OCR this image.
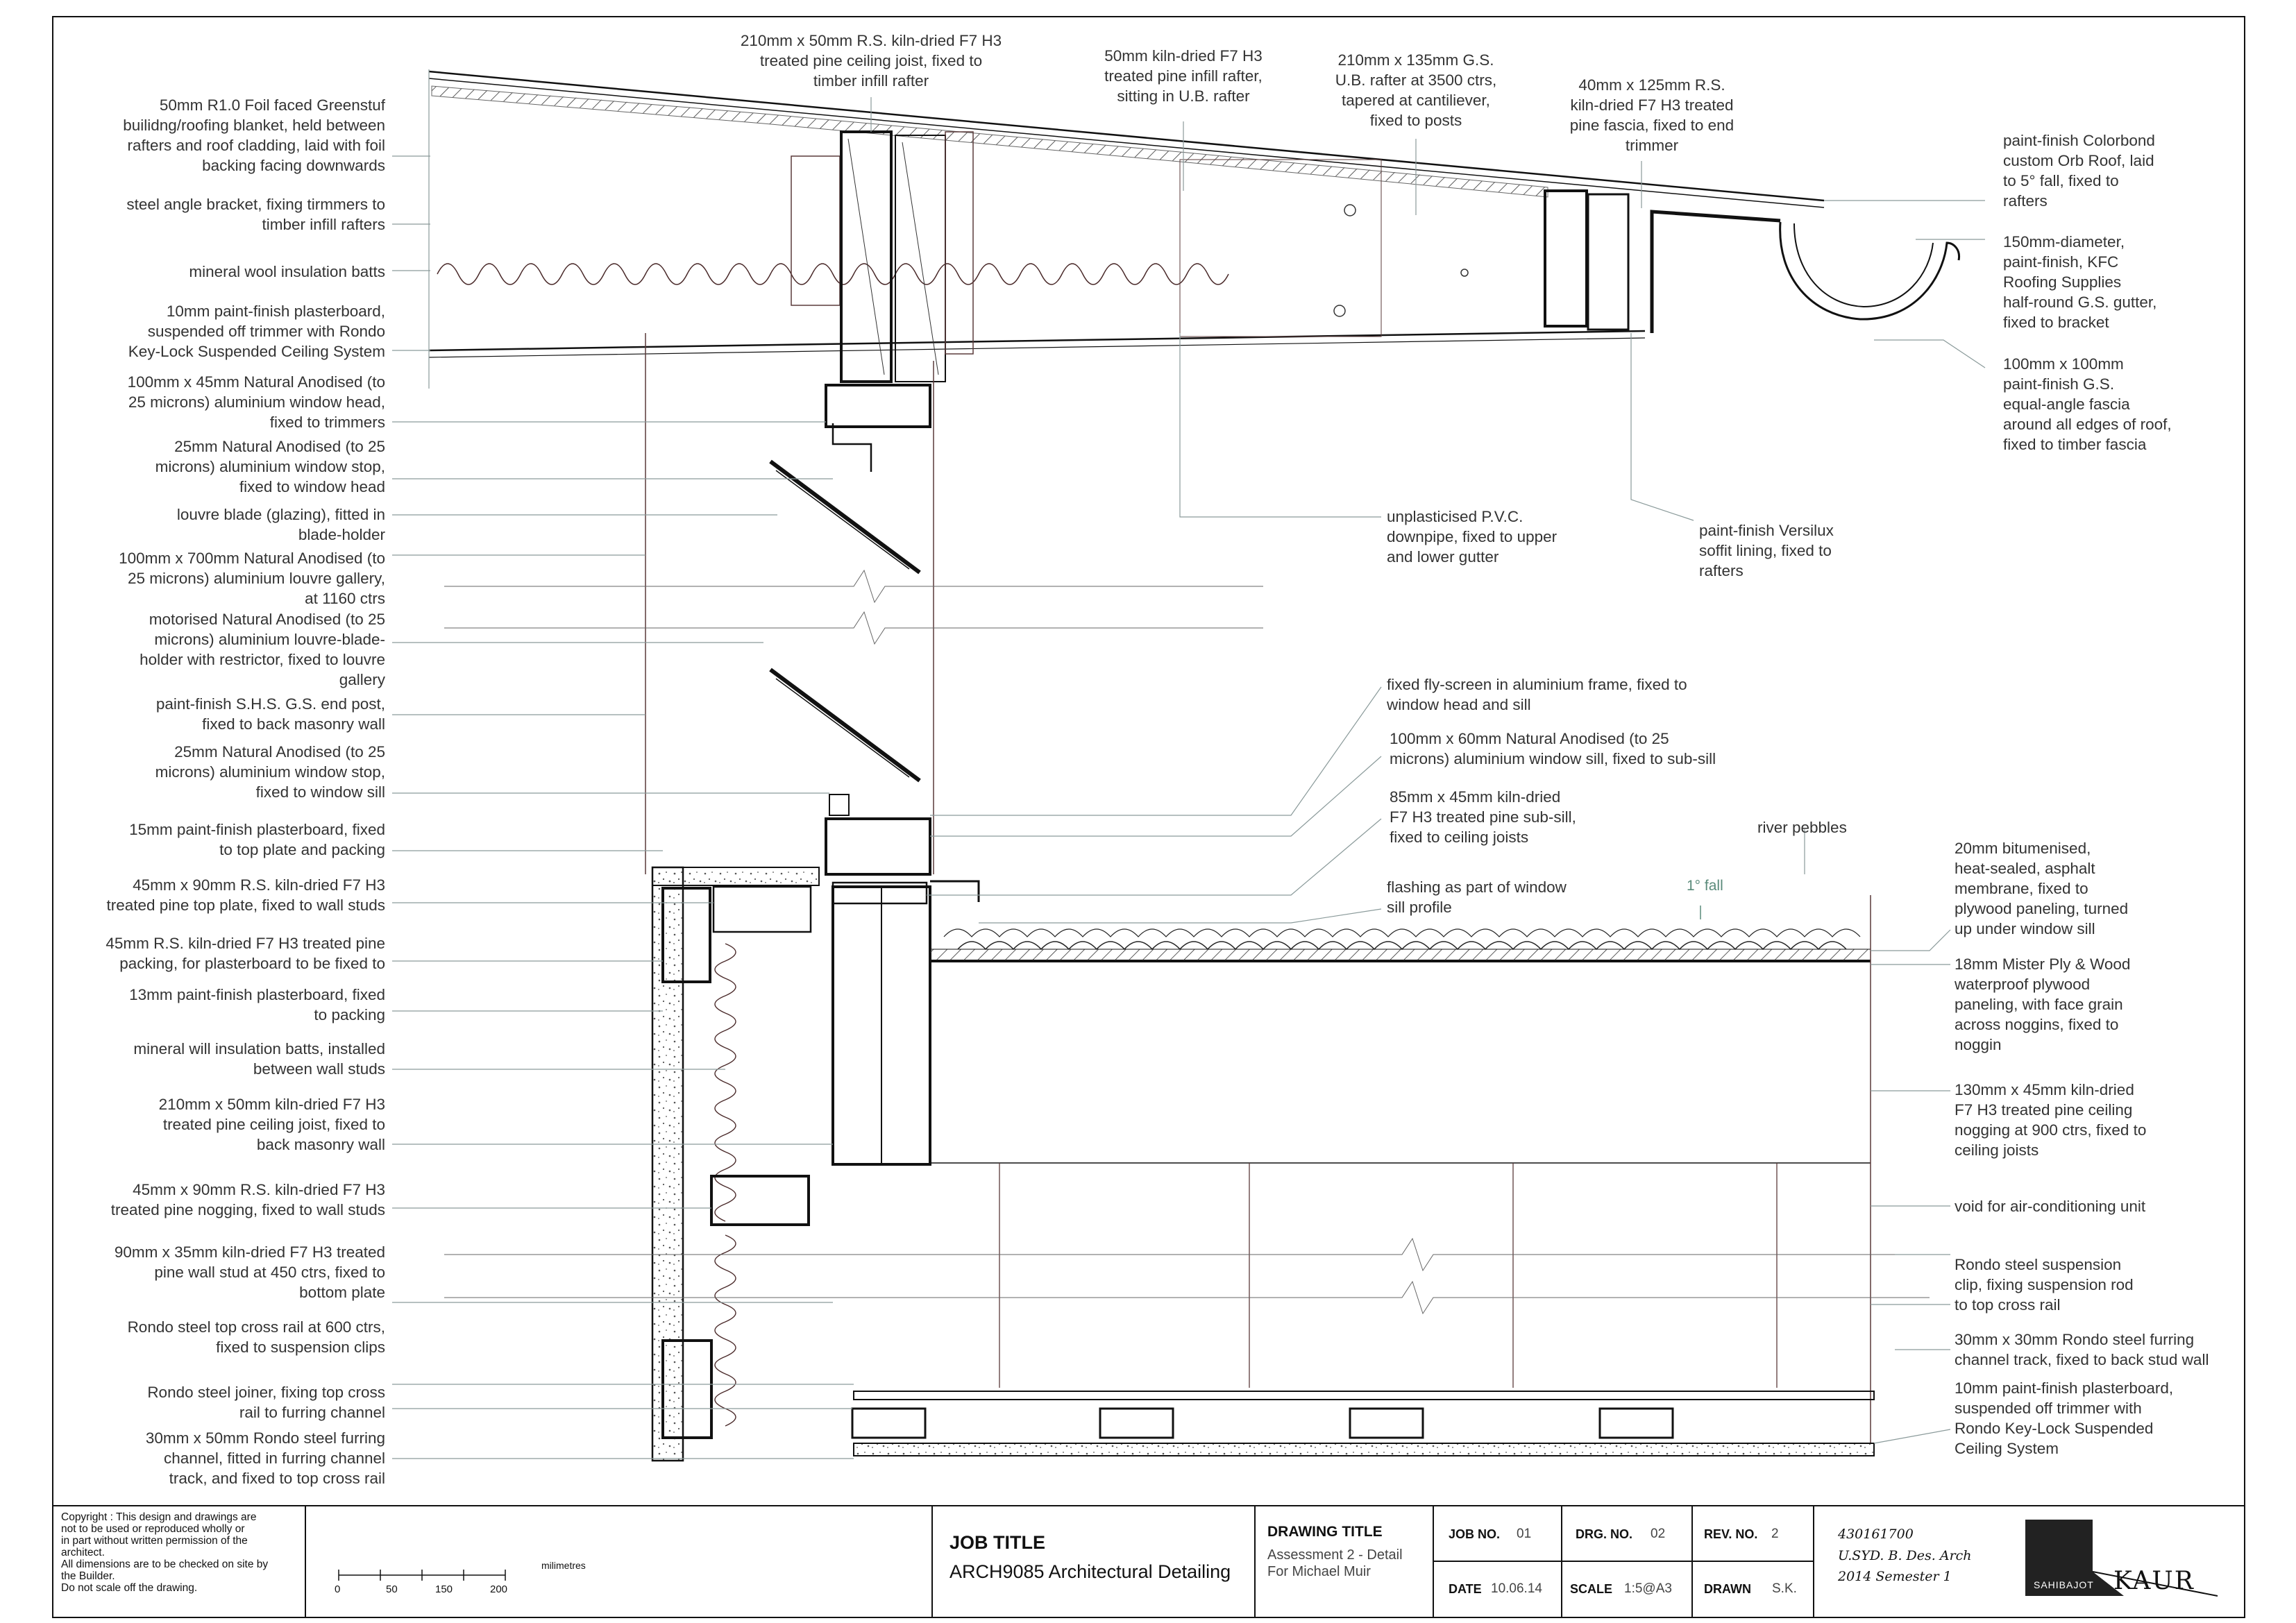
1° fall
50mm R1.0 Foil faced Greenstuf
builidng/roofing blanket, held between
rafters and roof cladding, laid with foil
backing facing downwards
steel angle bracket, fixing tirmmers to
timber infill rafters
mineral wool insulation batts
10mm paint-finish plasterboard,
suspended off trimmer with Rondo
Key-Lock Suspended Ceiling System
100mm x 45mm Natural Anodised (to
25 microns) aluminium window head,
fixed to trimmers
25mm Natural Anodised (to 25
microns) aluminium window stop,
fixed to window head
louvre blade (glazing), fitted in
blade-holder
100mm x 700mm Natural Anodised (to
25 microns) aluminium louvre gallery,
at 1160 ctrs
motorised Natural Anodised (to 25
microns) aluminium louvre-blade-
holder with restrictor, fixed to louvre
gallery
paint-finish S.H.S. G.S. end post,
fixed to back masonry wall
25mm Natural Anodised (to 25
microns) aluminium window stop,
fixed to window sill
15mm paint-finish plasterboard, fixed
to top plate and packing
45mm x 90mm R.S. kiln-dried F7 H3
treated pine top plate, fixed to wall studs
45mm R.S. kiln-dried F7 H3 treated pine
packing, for plasterboard to be fixed to
13mm paint-finish plasterboard, fixed
to packing
mineral will insulation batts, installed
between wall studs
210mm x 50mm kiln-dried F7 H3
treated pine ceiling joist, fixed to
back masonry wall
45mm x 90mm R.S. kiln-dried F7 H3
treated pine nogging, fixed to wall studs
90mm x 35mm kiln-dried F7 H3 treated
pine wall stud at 450 ctrs, fixed to
bottom plate
Rondo steel top cross rail at 600 ctrs,
fixed to suspension clips
Rondo steel joiner, fixing top cross
rail to furring channel
30mm x 50mm Rondo steel furring
channel, fitted in furring channel
track, and fixed to top cross rail
210mm x 50mm R.S. kiln-dried F7 H3
treated pine ceiling joist, fixed to
timber infill rafter
50mm kiln-dried F7 H3
treated pine infill rafter,
sitting in U.B. rafter
210mm x 135mm G.S.
U.B. rafter at 3500 ctrs,
tapered at cantiliever,
fixed to posts
40mm x 125mm R.S.
kiln-dried F7 H3 treated
pine fascia, fixed to end
trimmer
unplasticised P.V.C.
downpipe, fixed to upper
and lower gutter
paint-finish Versilux
soffit lining, fixed to
rafters
fixed fly-screen in aluminium frame, fixed to
window head and sill
100mm x 60mm Natural Anodised (to 25
microns) aluminium window sill, fixed to sub-sill
85mm x 45mm kiln-dried
F7 H3 treated pine sub-sill,
fixed to ceiling joists
flashing as part of window
sill profile
river pebbles
paint-finish Colorbond
custom Orb Roof, laid
to 5° fall, fixed to
rafters
150mm-diameter,
paint-finish, KFC
Roofing Supplies
half-round G.S. gutter,
fixed to bracket
100mm x 100mm
paint-finish G.S.
equal-angle fascia
around all edges of roof,
fixed to timber fascia
20mm bitumenised,
heat-sealed, asphalt
membrane, fixed to
plywood paneling, turned
up under window sill
18mm Mister Ply & Wood
waterproof plywood
paneling, with face grain
across noggins, fixed to
noggin
130mm x 45mm kiln-dried
F7 H3 treated pine ceiling
nogging at 900 ctrs, fixed to
ceiling joists
void for air-conditioning unit
Rondo steel suspension
clip, fixing suspension rod
to top cross rail
30mm x 30mm Rondo steel furring
channel track, fixed to back stud wall
10mm paint-finish plasterboard,
suspended off trimmer with
Rondo Key-Lock Suspended
Ceiling System
Copyright : This design and drawings are
not to be used or reproduced wholly or
in part without written permission of the
architect.
All dimensions are to be checked on site by
the Builder.
Do not scale off the drawing.
milimetres
0	50	150	200
JOB TITLE
ARCH9085 Architectural Detailing
DRAWING TITLE
Assessment 2 - Detail
For Michael Muir
JOB NO. 01	DRG. NO. 02	REV. NO. 2
DATE 10.06.14 SCALE 1:5@A3	DRAWN S.K.
430161700
U.SYD. B. Des. Arch
2014 Semester 1
SAHIBAJOT KAUR
